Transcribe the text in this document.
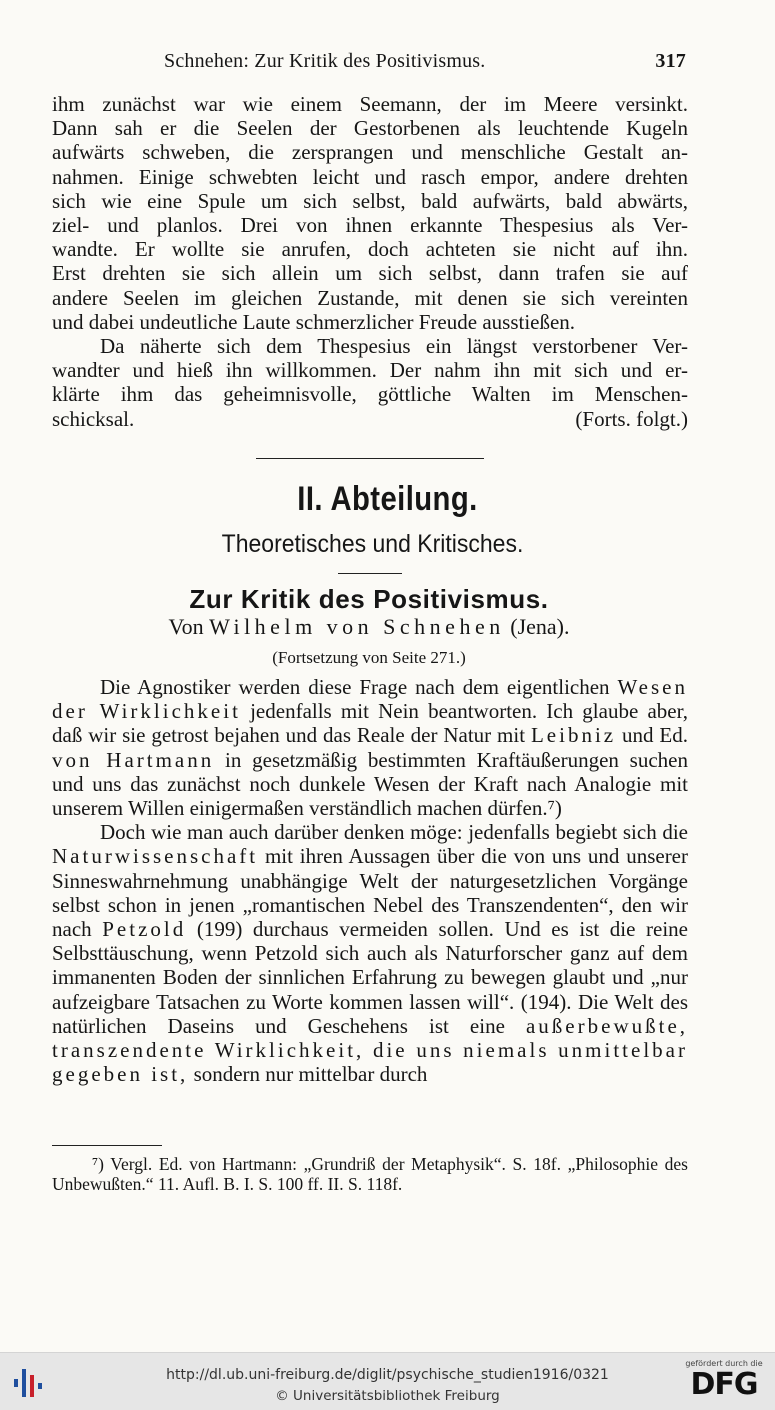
Schnehen: Zur Kritik des Positivismus.	317

ihm zunächst war wie einem Seemann, der im Meere versinkt.

Dann sah er die Seelen der Gestorbenen als leuchtende Kugeln

aufwärts schweben, die zersprangen und menschliche Gestalt an-

nahmen. Einige schwebten leicht und rasch empor, andere drehten

sich wie eine Spule um sich selbst, bald aufwärts, bald abwärts,

ziel- und planlos. Drei von ihnen erkannte Thespesius als Ver-

wandte. Er wollte sie anrufen, doch achteten sie nicht auf ihn.

Erst drehten sie sich allein um sich selbst, dann trafen sie auf

andere Seelen im gleichen Zustande, mit denen sie sich vereinten

und dabei undeutliche Laute schmerzlicher Freude ausstießen.

Da näherte sich dem Thespesius ein längst verstorbener Ver-

wandter und hieß ihn willkommen. Der nahm ihn mit sich und er-

klärte ihm das geheimnisvolle, göttliche Walten im Menschen-

schicksal.	(Forts. folgt.)

II. Abteilung.
Theoretisches und Kritisches.
Zur Kritik des Positivismus.
Von Wilhelm von Schnehen (Jena).
(Fortsetzung von Seite 271.)

Die Agnostiker werden diese Frage nach dem eigentlichen Wesen der Wirklichkeit jedenfalls mit Nein beantworten. Ich glaube aber, daß wir sie getrost bejahen und das Reale der Natur mit Leibniz und Ed. von Hartmann in gesetzmäßig bestimmten Kraftäußerungen suchen und uns das zunächst noch dunkele Wesen der Kraft nach Analogie mit unserem Willen einigermaßen verständlich machen dürfen.⁷)

Doch wie man auch darüber denken möge: jedenfalls begiebt sich die Naturwissenschaft mit ihren Aussagen über die von uns und unserer Sinneswahrnehmung unabhängige Welt der naturgesetzlichen Vorgänge selbst schon in jenen „romantischen Nebel des Transzendenten“, den wir nach Petzold (199) durchaus vermeiden sollen. Und es ist die reine Selbsttäuschung, wenn Petzold sich auch als Naturforscher ganz auf dem immanenten Boden der sinnlichen Erfahrung zu bewegen glaubt und „nur aufzeigbare Tatsachen zu Worte kommen lassen will“. (194). Die Welt des natürlichen Daseins und Geschehens ist eine außerbewußte, transzendente Wirklichkeit, die uns niemals unmittelbar gegeben ist, sondern nur mittelbar durch

⁷) Vergl. Ed. von Hartmann: „Grundriß der Metaphysik“. S. 18f. „Philosophie des Unbewußten.“ 11. Aufl. B. I. S. 100 ff. II. S. 118f.

http://dl.ub.uni-freiburg.de/diglit/psychische_studien1916/0321
© Universitätsbibliothek Freiburg
gefördert durch die
DFG
